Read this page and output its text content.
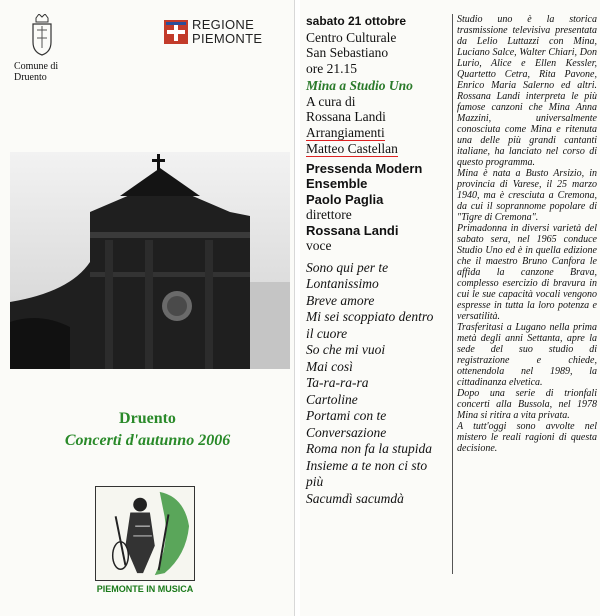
Comune di Druento
REGIONE PIEMONTE
Druento
Concerti d'autunno 2006
PIEMONTE IN MUSICA
sabato 21 ottobre
Centro Culturale
San Sebastiano
ore 21.15
Mina a Studio Uno
A cura di
Rossana Landi
Arrangiamenti
Matteo Castellan
Pressenda Modern
Ensemble
Paolo Paglia
direttore
Rossana Landi
voce
Sono qui per te
Lontanissimo
Breve amore
Mi sei scoppiato dentro
il cuore
So che mi vuoi
Mai così
Ta-ra-ra-ra
Cartoline
Portami con te
Conversazione
Roma non fa la stupida
Insieme a te non ci sto
più
Sacumdì sacumdà

Studio uno è la storica trasmissione televisiva presentata da Lelio Luttazzi con Mina, Luciano Salce, Walter Chiari, Don Lurio, Alice e Ellen Kessler, Quartetto Cetra, Rita Pavone, Enrico Maria Salerno ed altri. Rossana Landi interpreta le più famose canzoni che Mina Anna Mazzini, universalmente conosciuta come Mina e ritenuta una delle più grandi cantanti italiane, ha lanciato nel corso di questo programma.

Mina è nata a Busto Arsizio, in provincia di Varese, il 25 marzo 1940, ma è cresciuta a Cremona, da cui il soprannome popolare di "Tigre di Cremona".

Primadonna in diversi varietà del sabato sera, nel 1965 conduce Studio Uno ed è in quella edizione che il maestro Bruno Canfora le affida la canzone Brava, complesso esercizio di bravura in cui le sue capacità vocali vengono espresse in tutta la loro potenza e versatilità.

Trasferitasi a Lugano nella prima metà degli anni Settanta, apre la sede del suo studio di registrazione e chiede, ottenendola nel 1989, la cittadinanza elvetica.

Dopo una serie di trionfali concerti alla Bussola, nel 1978 Mina si ritira a vita privata.

A tutt'oggi sono avvolte nel mistero le reali ragioni di questa decisione.
